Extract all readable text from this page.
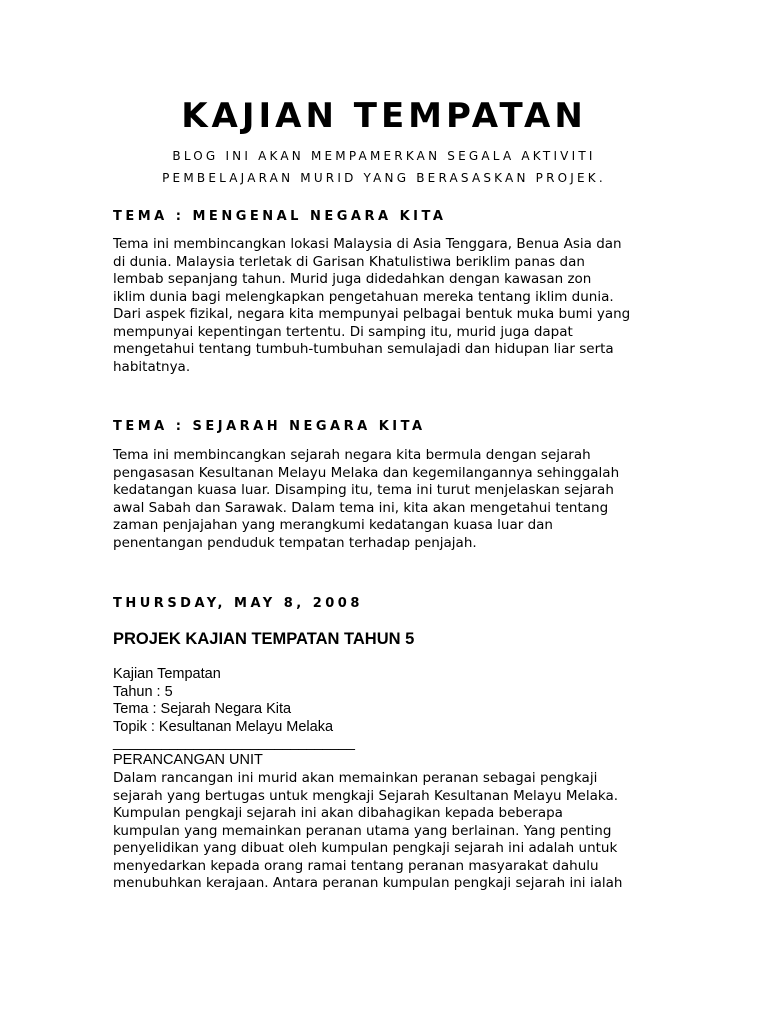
KAJIAN TEMPATAN
BLOG INI AKAN MEMPAMERKAN SEGALA AKTIVITI
PEMBELAJARAN MURID YANG BERASASKAN PROJEK.
TEMA : MENGENAL NEGARA KITA

Tema ini membincangkan lokasi Malaysia di Asia Tenggara, Benua Asia dan
di dunia. Malaysia terletak di Garisan Khatulistiwa beriklim panas dan
lembab sepanjang tahun. Murid juga didedahkan dengan kawasan zon
iklim dunia bagi melengkapkan pengetahuan mereka tentang iklim dunia.
Dari aspek fizikal, negara kita mempunyai pelbagai bentuk muka bumi yang
mempunyai kepentingan tertentu. Di samping itu, murid juga dapat
mengetahui tentang tumbuh-tumbuhan semulajadi dan hidupan liar serta
habitatnya.

TEMA : SEJARAH NEGARA KITA

Tema ini membincangkan sejarah negara kita bermula dengan sejarah
pengasasan Kesultanan Melayu Melaka dan kegemilangannya sehinggalah
kedatangan kuasa luar. Disamping itu, tema ini turut menjelaskan sejarah
awal Sabah dan Sarawak. Dalam tema ini, kita akan mengetahui tentang
zaman penjajahan yang merangkumi kedatangan kuasa luar dan
penentangan penduduk tempatan terhadap penjajah.

THURSDAY, MAY 8, 2008
PROJEK KAJIAN TEMPATAN TAHUN 5
Kajian Tempatan
Tahun : 5
Tema : Sejarah Negara Kita
Topik : Kesultanan Melayu Melaka
______________________________
PERANCANGAN UNIT

Dalam rancangan ini murid akan memainkan peranan sebagai pengkaji
sejarah yang bertugas untuk mengkaji Sejarah Kesultanan Melayu Melaka.
Kumpulan pengkaji sejarah ini akan dibahagikan kepada beberapa
kumpulan yang memainkan peranan utama yang berlainan. Yang penting
penyelidikan yang dibuat oleh kumpulan pengkaji sejarah ini adalah untuk
menyedarkan kepada orang ramai tentang peranan masyarakat dahulu
menubuhkan kerajaan. Antara peranan kumpulan pengkaji sejarah ini ialah
